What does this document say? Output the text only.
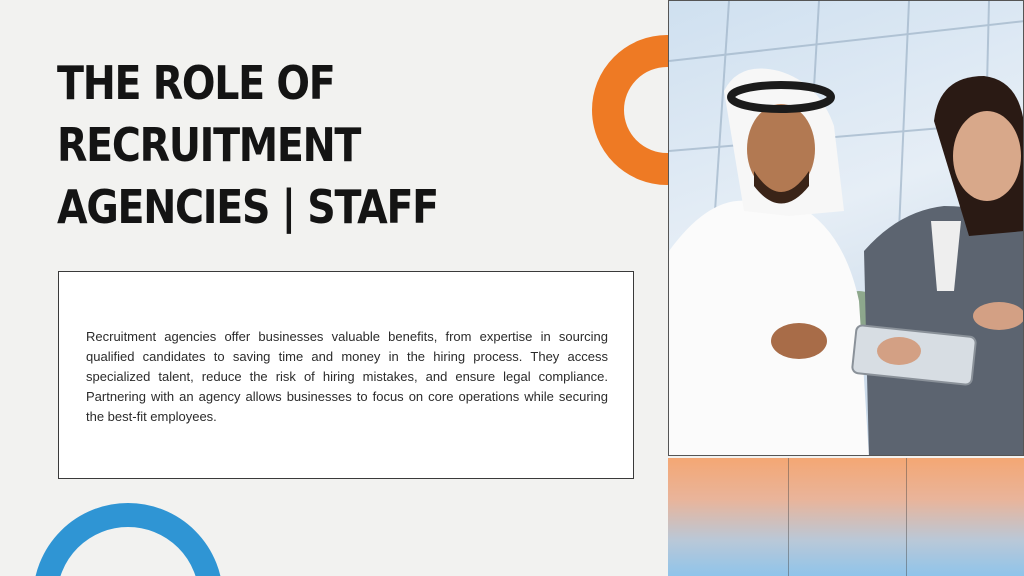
THE ROLE OF
RECRUITMENT
AGENCIES | STAFF

Recruitment agencies offer businesses valuable benefits, from expertise in sourcing qualified candidates to saving time and money in the hiring process. They access specialized talent, reduce the risk of hiring mistakes, and ensure legal compliance. Partnering with an agency allows businesses to focus on core operations while securing the best-fit employees.
